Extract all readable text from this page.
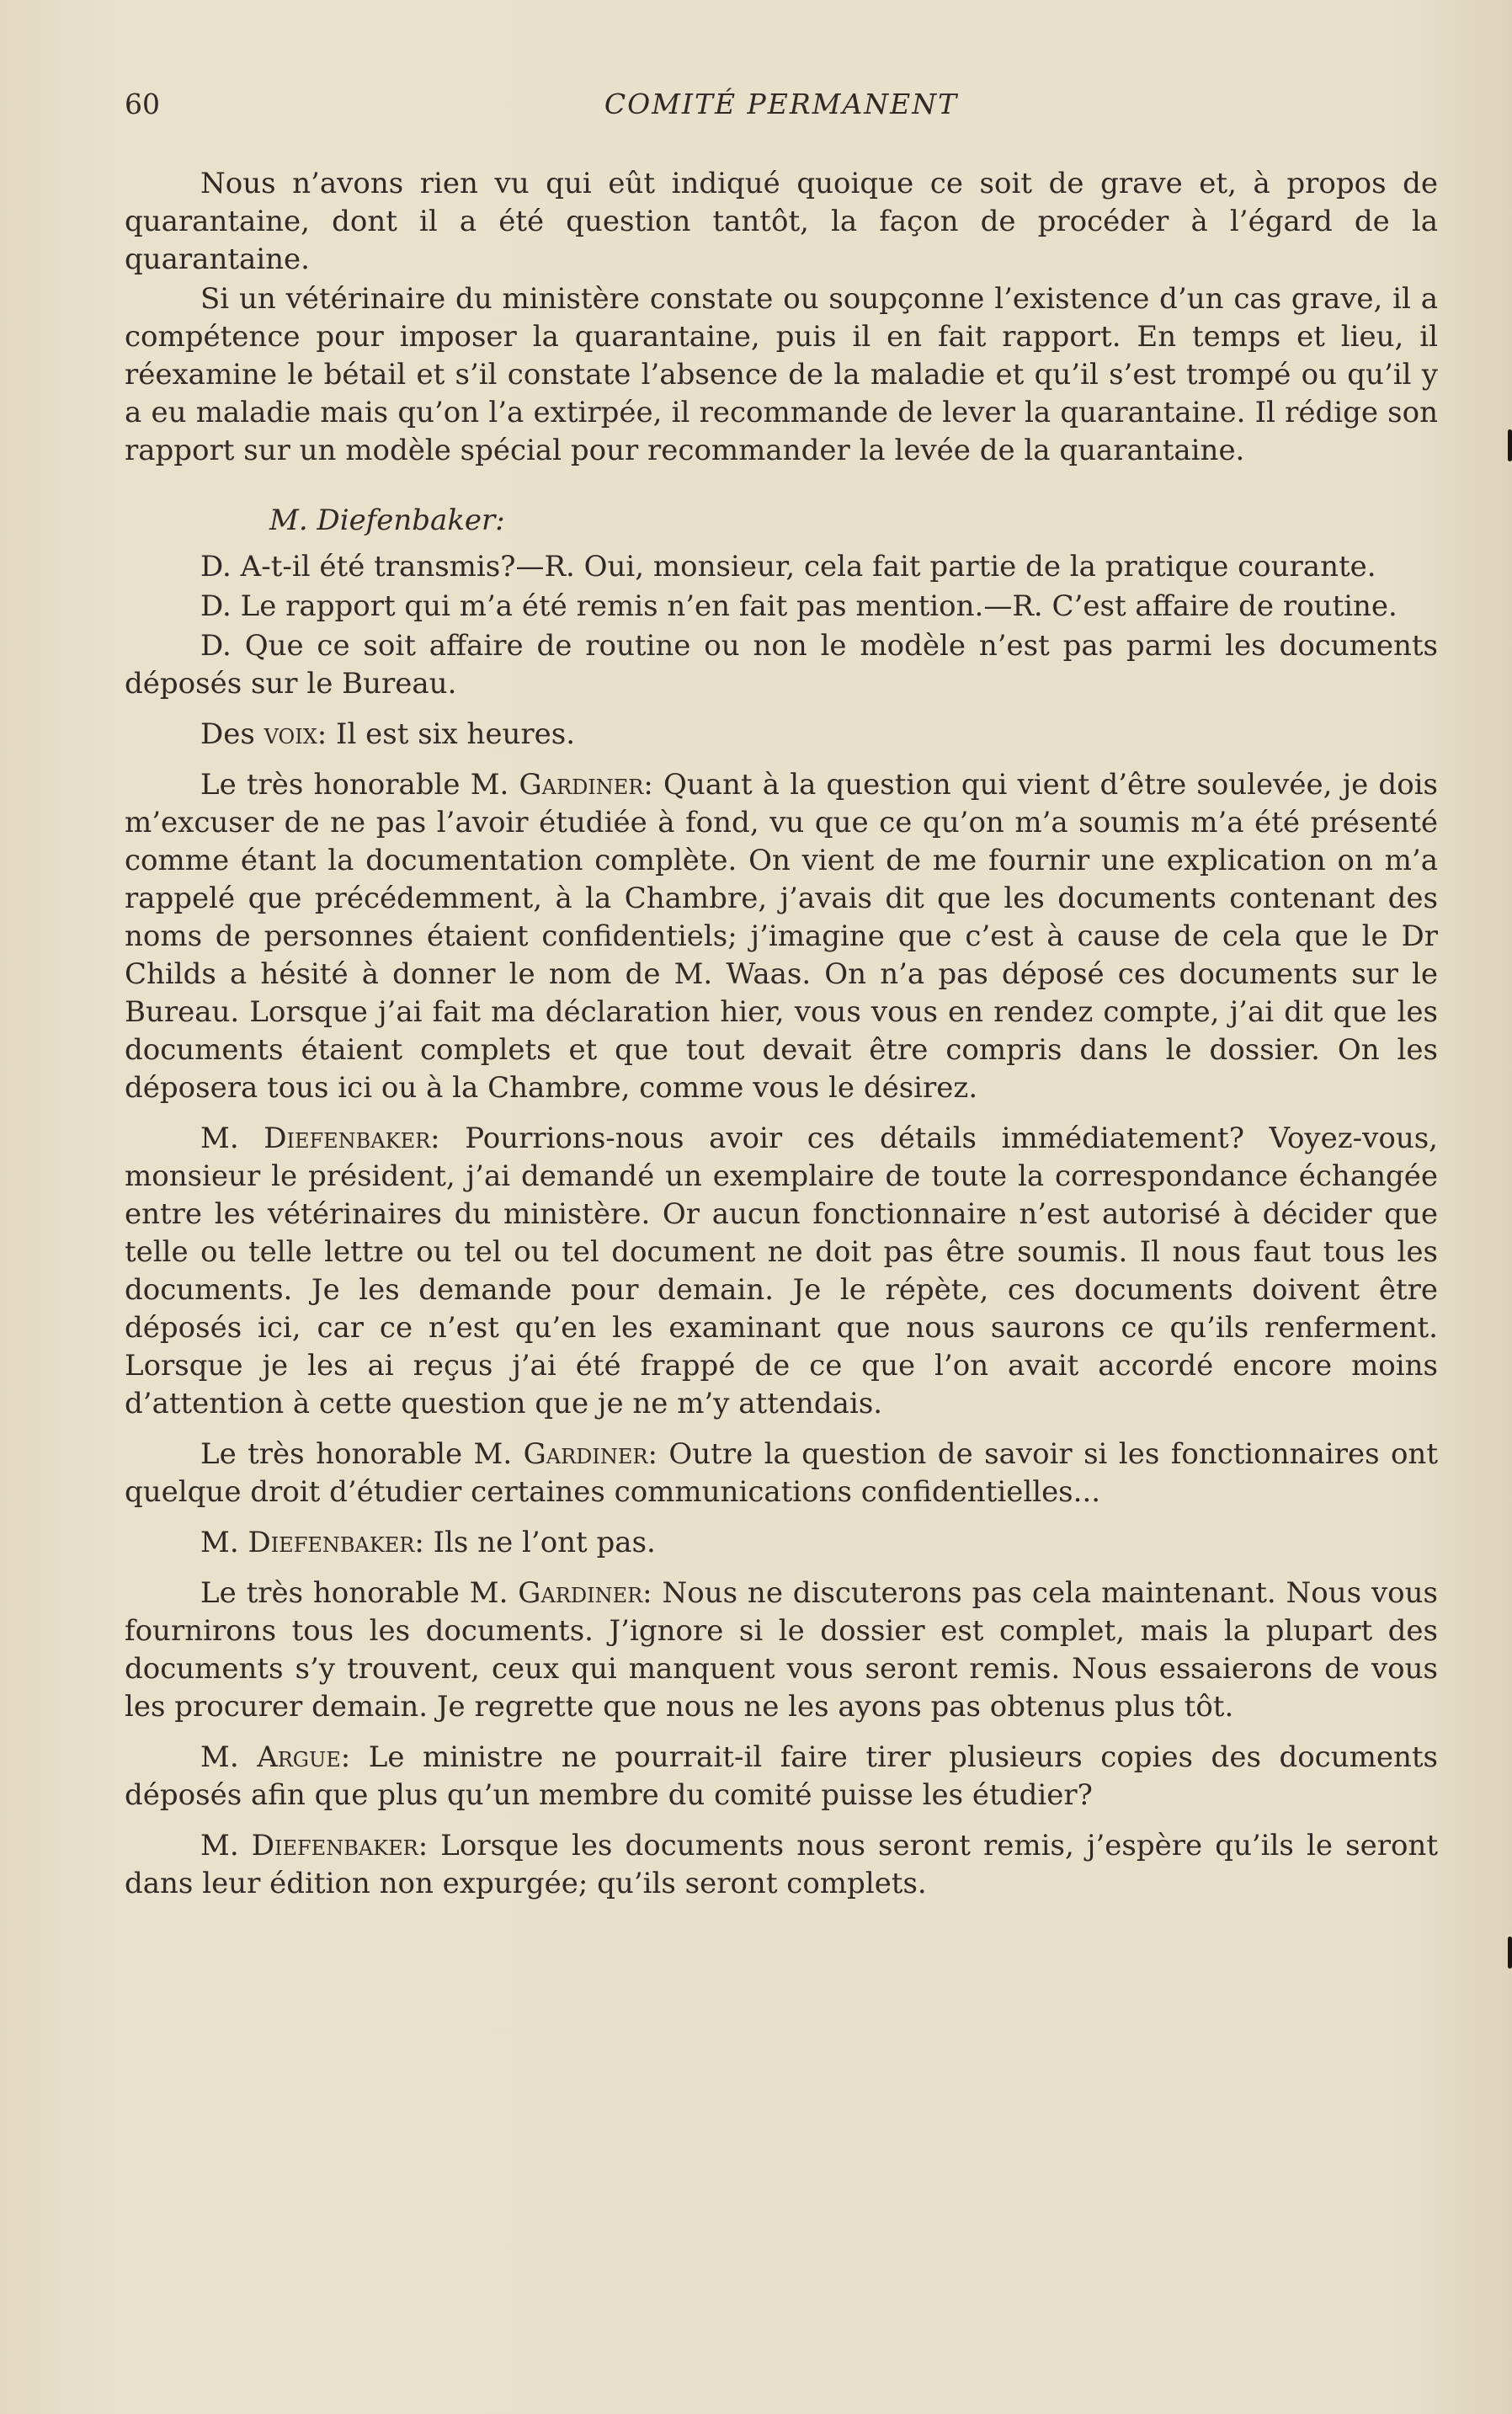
60	COMITÉ PERMANENT

Nous n’avons rien vu qui eût indiqué quoique ce soit de grave et, à propos de quarantaine, dont il a été question tantôt, la façon de procéder à l’égard de la quarantaine.

Si un vétérinaire du ministère constate ou soupçonne l’existence d’un cas grave, il a compétence pour imposer la quarantaine, puis il en fait rapport. En temps et lieu, il réexamine le bétail et s’il constate l’absence de la maladie et qu’il s’est trompé ou qu’il y a eu maladie mais qu’on l’a extirpée, il recommande de lever la quarantaine. Il rédige son rapport sur un modèle spécial pour recommander la levée de la quarantaine.

M. Diefenbaker:

D. A-t-il été transmis?—R. Oui, monsieur, cela fait partie de la pratique courante.

D. Le rapport qui m’a été remis n’en fait pas mention.—R. C’est affaire de routine.

D. Que ce soit affaire de routine ou non le modèle n’est pas parmi les documents déposés sur le Bureau.

Des voix: Il est six heures.

Le très honorable M. Gardiner: Quant à la question qui vient d’être soulevée, je dois m’excuser de ne pas l’avoir étudiée à fond, vu que ce qu’on m’a soumis m’a été présenté comme étant la documentation complète. On vient de me fournir une explication on m’a rappelé que précédemment, à la Chambre, j’avais dit que les documents contenant des noms de personnes étaient confidentiels; j’imagine que c’est à cause de cela que le Dr Childs a hésité à donner le nom de M. Waas. On n’a pas déposé ces documents sur le Bureau. Lorsque j’ai fait ma déclaration hier, vous vous en rendez compte, j’ai dit que les documents étaient complets et que tout devait être compris dans le dossier. On les déposera tous ici ou à la Chambre, comme vous le désirez.

M. Diefenbaker: Pourrions-nous avoir ces détails immédiatement? Voyez-vous, monsieur le président, j’ai demandé un exemplaire de toute la correspondance échangée entre les vétérinaires du ministère. Or aucun fonctionnaire n’est autorisé à décider que telle ou telle lettre ou tel ou tel document ne doit pas être soumis. Il nous faut tous les documents. Je les demande pour demain. Je le répète, ces documents doivent être déposés ici, car ce n’est qu’en les examinant que nous saurons ce qu’ils renferment. Lorsque je les ai reçus j’ai été frappé de ce que l’on avait accordé encore moins d’attention à cette question que je ne m’y attendais.

Le très honorable M. Gardiner: Outre la question de savoir si les fonctionnaires ont quelque droit d’étudier certaines communications confidentielles...

M. Diefenbaker: Ils ne l’ont pas.

Le très honorable M. Gardiner: Nous ne discuterons pas cela maintenant. Nous vous fournirons tous les documents. J’ignore si le dossier est complet, mais la plupart des documents s’y trouvent, ceux qui manquent vous seront remis. Nous essaierons de vous les procurer demain. Je regrette que nous ne les ayons pas obtenus plus tôt.

M. Argue: Le ministre ne pourrait-il faire tirer plusieurs copies des documents déposés afin que plus qu’un membre du comité puisse les étudier?

M. Diefenbaker: Lorsque les documents nous seront remis, j’espère qu’ils le seront dans leur édition non expurgée; qu’ils seront complets.
